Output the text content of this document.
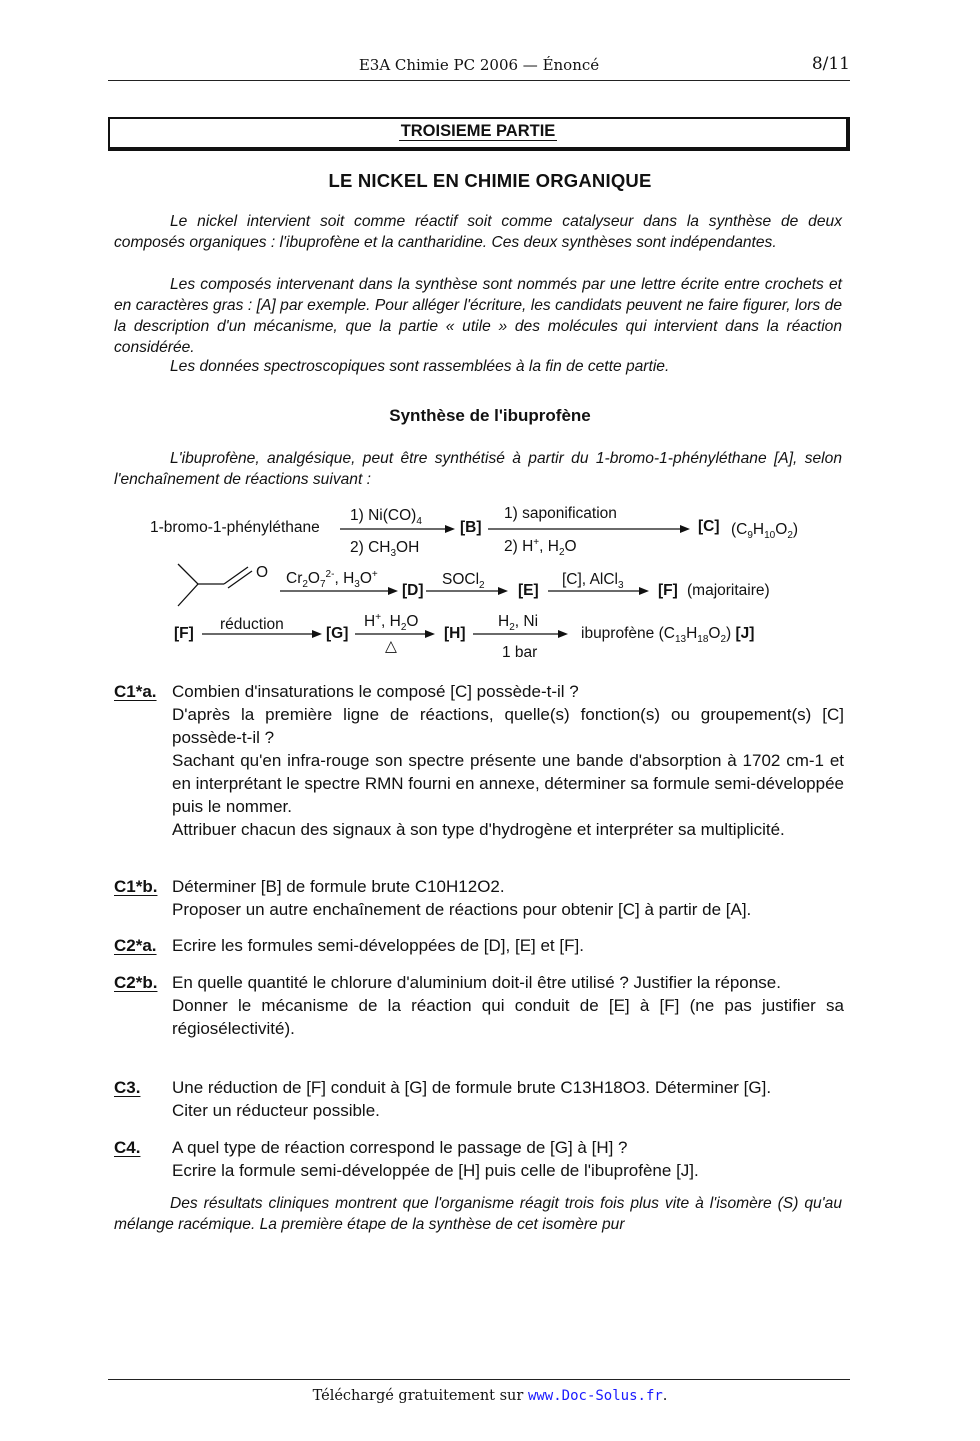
E3A Chimie PC 2006 — Énoncé	8/11
TROISIEME PARTIE
LE NICKEL EN CHIMIE ORGANIQUE
Le nickel intervient soit comme réactif soit comme catalyseur dans la synthèse de deux composés organiques : l'ibuprofène et la cantharidine. Ces deux synthèses sont indépendantes.
Les composés intervenant dans la synthèse sont nommés par une lettre écrite entre crochets et en caractères gras : [A] par exemple. Pour alléger l'écriture, les candidats peuvent ne faire figurer, lors de la description d'un mécanisme, que la partie « utile » des molécules qui intervient dans la réaction considérée.
Les données spectroscopiques sont rassemblées à la fin de cette partie.
Synthèse de l'ibuprofène
L'ibuprofène, analgésique, peut être synthétisé à partir du 1-bromo-1-phényléthane [A], selon l'enchaînement de réactions suivant :
1-bromo-1-phényléthane
1) $Ni(CO)_4$
2) $CH_3OH$
[B]
1) saponification
2) H+, $H_2O$
[C] $(C_9H_{10}O_2)$
O $Cr_2O_7^{2-}$, $H_3O^+$
[D]
SOCl$_2$ [E]
[C], AlCl$_3$ [F] (majoritaire)
[F]
réduction
[G]
H+, $H_2O$
△
[H]
$H_2$, Ni
1 bar
ibuprofène $(C_{13}H_{18}O_2)$ [J]
C1*a. Combien d'insaturations le composé [C] possède-t-il ?
D'après la première ligne de réactions, quelle(s) fonction(s) ou groupement(s) [C] possède-t-il ?
Sachant qu'en infra-rouge son spectre présente une bande d'absorption à 1702 cm-1 et en interprétant le spectre RMN fourni en annexe, déterminer sa formule semi-développée puis le nommer.
Attribuer chacun des signaux à son type d'hydrogène et interpréter sa multiplicité.
C1*b. Déterminer [B] de formule brute C10H12O2.
Proposer un autre enchaînement de réactions pour obtenir [C] à partir de [A].
C2*a. Ecrire les formules semi-développées de [D], [E] et [F].
C2*b. En quelle quantité le chlorure d'aluminium doit-il être utilisé ? Justifier la réponse.
Donner le mécanisme de la réaction qui conduit de [E] à [F] (ne pas justifier sa régiosélectivité).
C3. Une réduction de [F] conduit à [G] de formule brute C13H18O3. Déterminer [G].
Citer un réducteur possible.
C4. A quel type de réaction correspond le passage de [G] à [H] ?
Ecrire la formule semi-développée de [H] puis celle de l'ibuprofène [J].
Des résultats cliniques montrent que l'organisme réagit trois fois plus vite à l'isomère (S) qu'au mélange racémique. La première étape de la synthèse de cet isomère pur
Téléchargé gratuitement sur www.Doc-Solus.fr.
